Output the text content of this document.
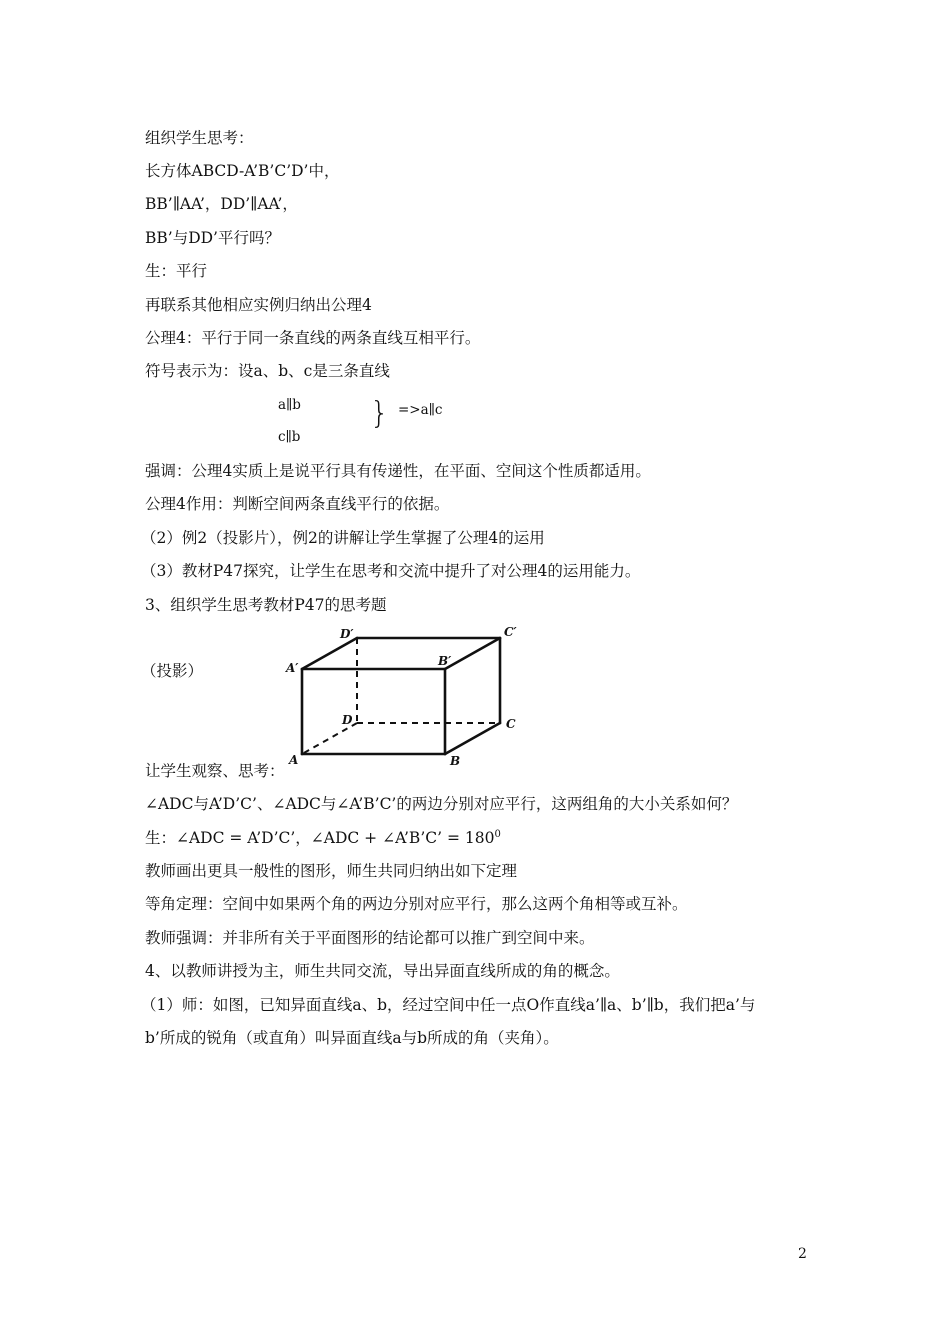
组织学生思考：
长方体ABCD-A’B’C’D’中，
BB’∥AA’，DD’∥AA’，
BB’与DD’平行吗？
生：平行
再联系其他相应实例归纳出公理4
公理4：平行于同一条直线的两条直线互相平行。
符号表示为：设a、b、c是三条直线
a∥b
c∥b
} =>a∥c
强调：公理4实质上是说平行具有传递性，在平面、空间这个性质都适用。
公理4作用：判断空间两条直线平行的依据。
（2）例2（投影片），例2的讲解让学生掌握了公理4的运用
（3）教材P47探究，让学生在思考和交流中提升了对公理4的运用能力。
3、组织学生思考教材P47的思考题
（投影）
D′	C′
A′	B′
D	C
A	B
让学生观察、思考：
∠ADC与A’D’C’、∠ADC与∠A’B’C’的两边分别对应平行，这两组角的大小关系如何？
生：∠ADC = A’D’C’，∠ADC + ∠A’B’C’ = $180^0$
教师画出更具一般性的图形，师生共同归纳出如下定理
等角定理：空间中如果两个角的两边分别对应平行，那么这两个角相等或互补。
教师强调：并非所有关于平面图形的结论都可以推广到空间中来。
4、以教师讲授为主，师生共同交流，导出异面直线所成的角的概念。
（1）师：如图，已知异面直线a、b，经过空间中任一点O作直线a’∥a、b’∥b，我们把a’与
b’所成的锐角（或直角）叫异面直线a与b所成的角（夹角）。
2
